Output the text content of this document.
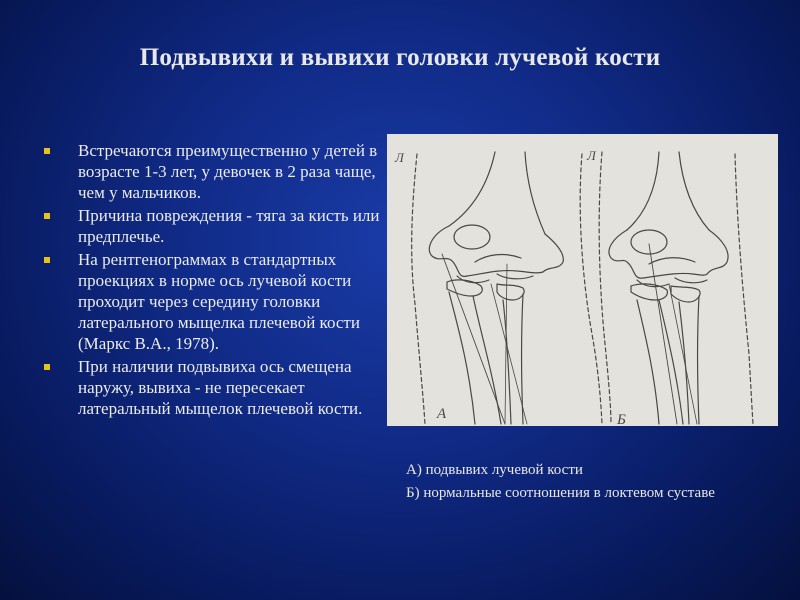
Подвывихи и вывихи головки лучевой кости
Встречаются преимущественно у детей в возрасте 1-3 лет, у девочек в 2 раза чаще, чем у мальчиков.
Причина повреждения - тяга за кисть или предплечье.
На рентгенограммах в стандартных проекциях в норме ось лучевой кости проходит через середину головки латерального мыщелка плечевой кости (Маркс В.А., 1978).
При наличии подвывиха ось смещена наружу, вывиха - не пересекает латеральный мыщелок плечевой кости.
Л	Л
А	Б
А) подвывих лучевой кости
Б) нормальные соотношения в локтевом суставе
